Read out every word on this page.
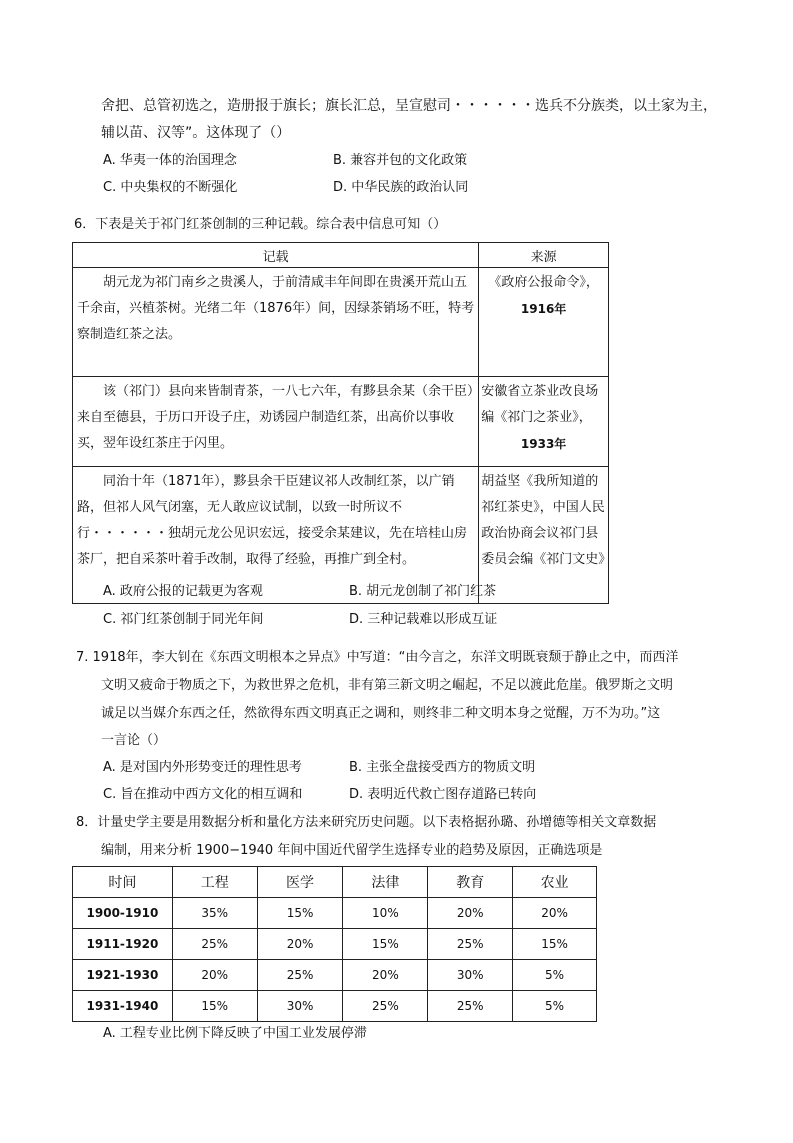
舍把、总管初选之，造册报于旗长；旗长汇总，呈宣慰司・・・・・・选兵不分族类，以土家为主，
辅以苗、汉等”。这体现了（）
A. 华夷一体的治国理念	B. 兼容并包的文化政策
C. 中央集权的不断强化	D. 中华民族的政治认同
6．下表是关于祁门红茶创制的三种记载。综合表中信息可知（）
记载	来源

胡元龙为祁门南乡之贵溪人，于前清咸丰年间即在贵溪开荒山五千余亩，兴植茶树。光绪二年（1876年）间，因绿茶销场不旺，特考察制造红茶之法。	《政府公报命令》，
1916年

该（祁门）县向来皆制青茶，一八七六年，有黟县余某（余干臣）来自至德县，于历口开设子庄，劝诱园户制造红茶，出高价以事收买，翌年设红茶庄于闪里。	安徽省立茶业改良场编《祁门之茶业》，
1933年

同治十年（1871年），黟县余干臣建议祁人改制红茶，以广销路，但祁人风气闭塞，无人敢应议试制，以致一时所议不行・・・・・・独胡元龙公见识宏远，接受余某建议，先在培桂山房茶厂，把自采茶叶着手改制，取得了经验，再推广到全村。	胡益坚《我所知道的祁红茶史》，中国人民政治协商会议祁门县委员会编《祁门文史》
A. 政府公报的记载更为客观	B. 胡元龙创制了祁门红茶
C. 祁门红茶创制于同光年间	D. 三种记载难以形成互证
7. 1918年，李大钊在《东西文明根本之异点》中写道：“由今言之，东洋文明既衰颓于静止之中，而西洋
文明又疲命于物质之下，为救世界之危机，非有第三新文明之崛起，不足以渡此危崖。俄罗斯之文明
诚足以当媒介东西之任，然欲得东西文明真正之调和，则终非二种文明本身之觉醒，万不为功。”这
一言论（）
A. 是对国内外形势变迁的理性思考	B. 主张全盘接受西方的物质文明
C. 旨在推动中西方文化的相互调和	D. 表明近代救亡图存道路已转向
8．计量史学主要是用数据分析和量化方法来研究历史问题。以下表格据孙璐、孙增德等相关文章数据
编制，用来分析 1900−1940 年间中国近代留学生选择专业的趋势及原因，正确选项是
时间	工程	医学	法律	教育	农业
1900-1910	35%	15%	10%	20%	20%
1911-1920	25%	20%	15%	25%	15%
1921-1930	20%	25%	20%	30%	5%
1931-1940	15%	30%	25%	25%	5%
A. 工程专业比例下降反映了中国工业发展停滞
